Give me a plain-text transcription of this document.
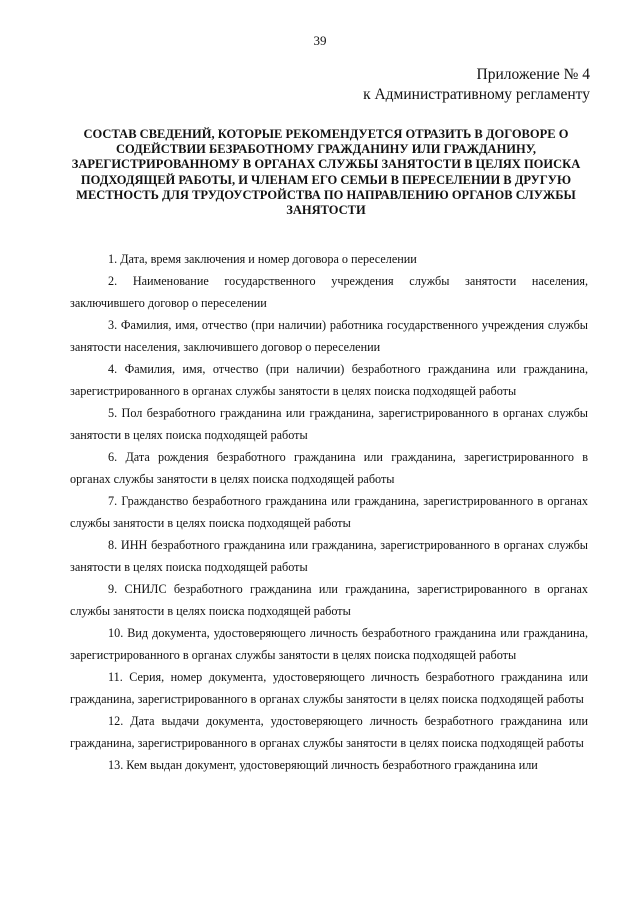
39
Приложение № 4
к Административному регламенту
СОСТАВ СВЕДЕНИЙ, КОТОРЫЕ РЕКОМЕНДУЕТСЯ ОТРАЗИТЬ В ДОГОВОРЕ О СОДЕЙСТВИИ БЕЗРАБОТНОМУ ГРАЖДАНИНУ ИЛИ ГРАЖДАНИНУ, ЗАРЕГИСТРИРОВАННОМУ В ОРГАНАХ СЛУЖБЫ ЗАНЯТОСТИ В ЦЕЛЯХ ПОИСКА ПОДХОДЯЩЕЙ РАБОТЫ, И ЧЛЕНАМ ЕГО СЕМЬИ В ПЕРЕСЕЛЕНИИ В ДРУГУЮ МЕСТНОСТЬ ДЛЯ ТРУДОУСТРОЙСТВА ПО НАПРАВЛЕНИЮ ОРГАНОВ СЛУЖБЫ ЗАНЯТОСТИ

1. Дата, время заключения и номер договора о переселении

2. Наименование государственного учреждения службы занятости населения, заключившего договор о переселении

3. Фамилия, имя, отчество (при наличии) работника государственного учреждения службы занятости населения, заключившего договор о переселении

4. Фамилия, имя, отчество (при наличии) безработного гражданина или гражданина, зарегистрированного в органах службы занятости в целях поиска подходящей работы

5. Пол безработного гражданина или гражданина, зарегистрированного в органах службы занятости в целях поиска подходящей работы

6. Дата рождения безработного гражданина или гражданина, зарегистрированного в органах службы занятости в целях поиска подходящей работы

7. Гражданство безработного гражданина или гражданина, зарегистрированного в органах службы занятости в целях поиска подходящей работы

8. ИНН безработного гражданина или гражданина, зарегистрированного в органах службы занятости в целях поиска подходящей работы

9. СНИЛС безработного гражданина или гражданина, зарегистрированного в органах службы занятости в целях поиска подходящей работы

10. Вид документа, удостоверяющего личность безработного гражданина или гражданина, зарегистрированного в органах службы занятости в целях поиска подходящей работы

11. Серия, номер документа, удостоверяющего личность безработного гражданина или гражданина, зарегистрированного в органах службы занятости в целях поиска подходящей работы

12. Дата выдачи документа, удостоверяющего личность безработного гражданина или гражданина, зарегистрированного в органах службы занятости в целях поиска подходящей работы

13. Кем выдан документ, удостоверяющий личность безработного гражданина или
